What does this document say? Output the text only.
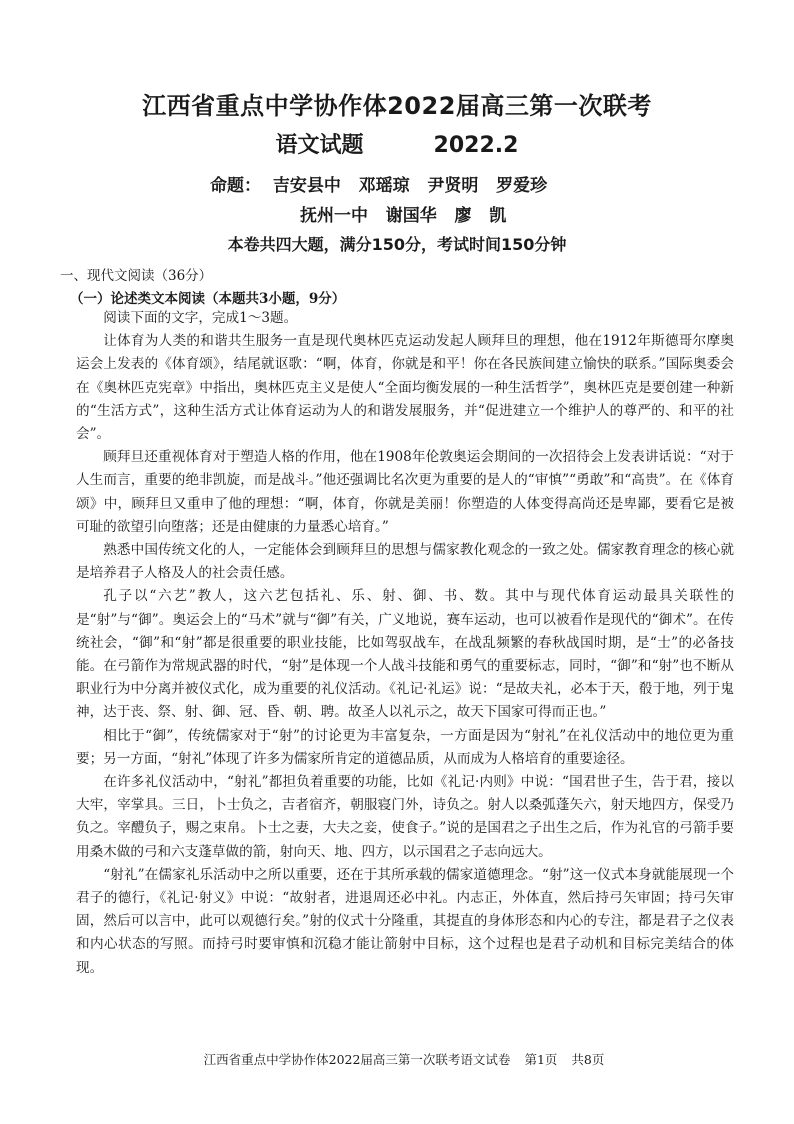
江西省重点中学协作体2022届高三第一次联考
语文试题	2022.2
命题：  吉安县中   邓瑶琼   尹贤明   罗爱珍
抚州一中   谢国华   廖   凯
本卷共四大题，满分150分，考试时间150分钟
一、现代文阅读（36分）
（一）论述类文本阅读（本题共3小题，9分）

阅读下面的文字，完成1～3题。

让体育为人类的和谐共生服务一直是现代奥林匹克运动发起人顾拜旦的理想，他在1912年斯德哥尔摩奥运会上发表的《体育颂》，结尾就讴歌：“啊，体育，你就是和平！你在各民族间建立愉快的联系。”国际奥委会在《奥林匹克宪章》中指出，奥林匹克主义是使人“全面均衡发展的一种生活哲学”，奥林匹克是要创建一种新的“生活方式”，这种生活方式让体育运动为人的和谐发展服务，并“促进建立一个维护人的尊严的、和平的社会”。

顾拜旦还重视体育对于塑造人格的作用，他在1908年伦敦奥运会期间的一次招待会上发表讲话说：“对于人生而言，重要的绝非凯旋，而是战斗。”他还强调比名次更为重要的是人的“审慎”“勇敢”和“高贵”。在《体育颂》中，顾拜旦又重申了他的理想：“啊，体育，你就是美丽！你塑造的人体变得高尚还是卑鄙，要看它是被可耻的欲望引向堕落；还是由健康的力量悉心培育。”

熟悉中国传统文化的人，一定能体会到顾拜旦的思想与儒家教化观念的一致之处。儒家教育理念的核心就是培养君子人格及人的社会责任感。

孔子以“六艺”教人，这六艺包括礼、乐、射、御、书、数。其中与现代体育运动最具关联性的是“射”与“御”。奥运会上的“马术”就与“御”有关，广义地说，赛车运动，也可以被看作是现代的“御术”。在传统社会，“御”和“射”都是很重要的职业技能，比如驾驭战车，在战乱频繁的春秋战国时期，是“士”的必备技能。在弓箭作为常规武器的时代，“射”是体现一个人战斗技能和勇气的重要标志，同时，“御”和“射”也不断从职业行为中分离并被仪式化，成为重要的礼仪活动。《礼记·礼运》说：“是故夫礼，必本于天，殽于地，列于鬼神，达于丧、祭、射、御、冠、昏、朝、聘。故圣人以礼示之，故天下国家可得而正也。”

相比于“御”，传统儒家对于“射”的讨论更为丰富复杂，一方面是因为“射礼”在礼仪活动中的地位更为重要；另一方面，“射礼”体现了许多为儒家所肯定的道德品质，从而成为人格培育的重要途径。

在许多礼仪活动中，“射礼”都担负着重要的功能，比如《礼记·内则》中说：“国君世子生，告于君，接以大牢，宰掌具。三日，卜士负之，吉者宿齐，朝服寝门外，诗负之。射人以桑弧蓬矢六，射天地四方，保受乃负之。宰醴负子，赐之束帛。卜士之妻，大夫之妾，使食子。”说的是国君之子出生之后，作为礼官的弓箭手要用桑木做的弓和六支蓬草做的箭，射向天、地、四方，以示国君之子志向远大。

“射礼”在儒家礼乐活动中之所以重要，还在于其所承载的儒家道德理念。“射”这一仪式本身就能展现一个君子的德行，《礼记·射义》中说：“故射者，进退周还必中礼。内志正，外体直，然后持弓矢审固；持弓矢审固，然后可以言中，此可以观德行矣。”射的仪式十分隆重，其提直的身体形态和内心的专注，都是君子之仪表和内心状态的写照。而持弓时要审慎和沉稳才能让箭射中目标，这个过程也是君子动机和目标完美结合的体现。

江西省重点中学协作体2022届高三第一次联考语文试卷 第1页 共8页
